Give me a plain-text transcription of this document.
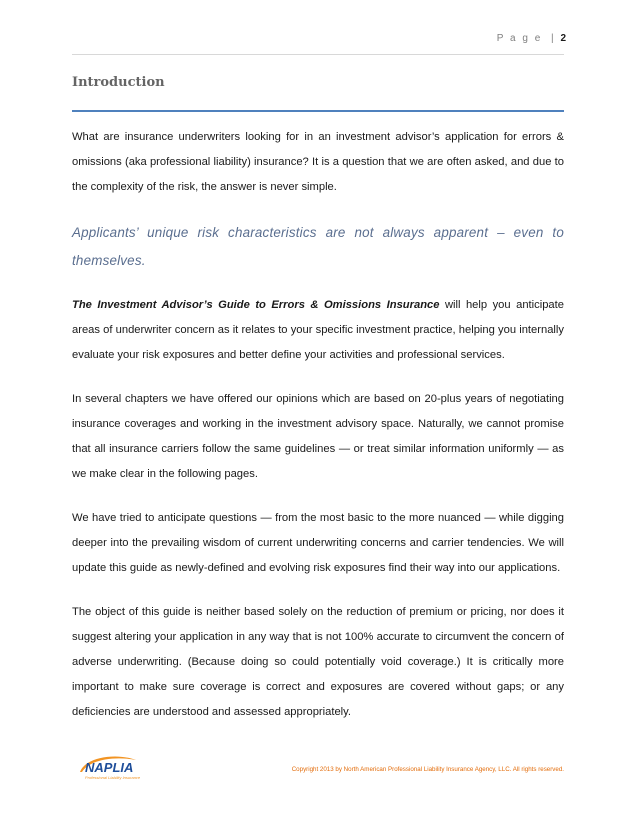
P a g e | 2
Introduction

What are insurance underwriters looking for in an investment advisor’s application for errors & omissions (aka professional liability) insurance? It is a question that we are often asked, and due to the complexity of the risk, the answer is never simple.

Applicants’ unique risk characteristics are not always apparent – even to themselves.

The Investment Advisor’s Guide to Errors & Omissions Insurance will help you anticipate areas of underwriter concern as it relates to your specific investment practice, helping you internally evaluate your risk exposures and better define your activities and professional services.

In several chapters we have offered our opinions which are based on 20-plus years of negotiating insurance coverages and working in the investment advisory space. Naturally, we cannot promise that all insurance carriers follow the same guidelines — or treat similar information uniformly — as we make clear in the following pages.

We have tried to anticipate questions — from the most basic to the more nuanced — while digging deeper into the prevailing wisdom of current underwriting concerns and carrier tendencies. We will update this guide as newly-defined and evolving risk exposures find their way into our applications.

The object of this guide is neither based solely on the reduction of premium or pricing, nor does it suggest altering your application in any way that is not 100% accurate to circumvent the concern of adverse underwriting. (Because doing so could potentially void coverage.) It is critically more important to make sure coverage is correct and exposures are covered without gaps; or any deficiencies are understood and assessed appropriately.

NAPLIA
Professional Liability Insurance
Copyright 2013 by North American Professional Liability Insurance Agency, LLC. All rights reserved.
